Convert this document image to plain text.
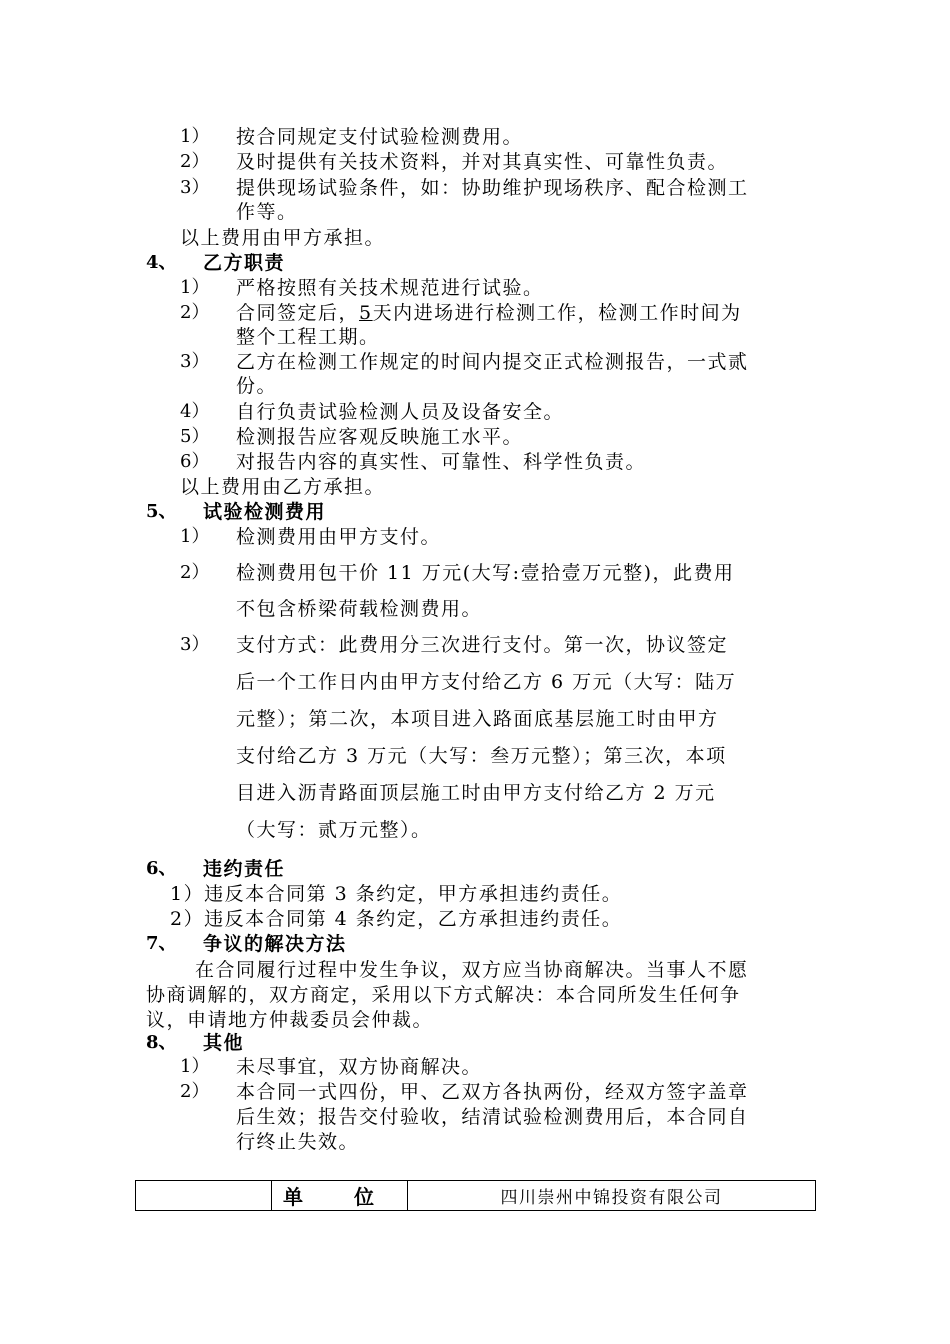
1） 按合同规定支付试验检测费用。
2） 及时提供有关技术资料，并对其真实性、可靠性负责。
3） 提供现场试验条件，如：协助维护现场秩序、配合检测工
作等。
以上费用由甲方承担。
4、 乙方职责
1） 严格按照有关技术规范进行试验。
2） 合同签定后，5天内进场进行检测工作，检测工作时间为
整个工程工期。
3） 乙方在检测工作规定的时间内提交正式检测报告，一式贰
份。
4） 自行负责试验检测人员及设备安全。
5） 检测报告应客观反映施工水平。
6） 对报告内容的真实性、可靠性、科学性负责。
以上费用由乙方承担。
5、 试验检测费用
1） 检测费用由甲方支付。
2） 检测费用包干价 11 万元(大写:壹拾壹万元整)，此费用
不包含桥梁荷载检测费用。
3） 支付方式：此费用分三次进行支付。第一次，协议签定
后一个工作日内由甲方支付给乙方 6 万元（大写：陆万
元整）；第二次，本项目进入路面底基层施工时由甲方
支付给乙方 3 万元（大写：叁万元整）；第三次，本项
目进入沥青路面顶层施工时由甲方支付给乙方 2 万元
（大写：贰万元整）。
6、 违约责任
1）违反本合同第 3 条约定，甲方承担违约责任。
2）违反本合同第 4 条约定，乙方承担违约责任。
7、 争议的解决方法
在合同履行过程中发生争议，双方应当协商解决。当事人不愿
协商调解的，双方商定，采用以下方式解决：本合同所发生任何争
议，申请地方仲裁委员会仲裁。
8、 其他
1） 未尽事宜，双方协商解决。
2） 本合同一式四份，甲、乙双方各执两份，经双方签字盖章
后生效；报告交付验收，结清试验检测费用后，本合同自
行终止失效。
	单 位	四川崇州中锦投资有限公司
